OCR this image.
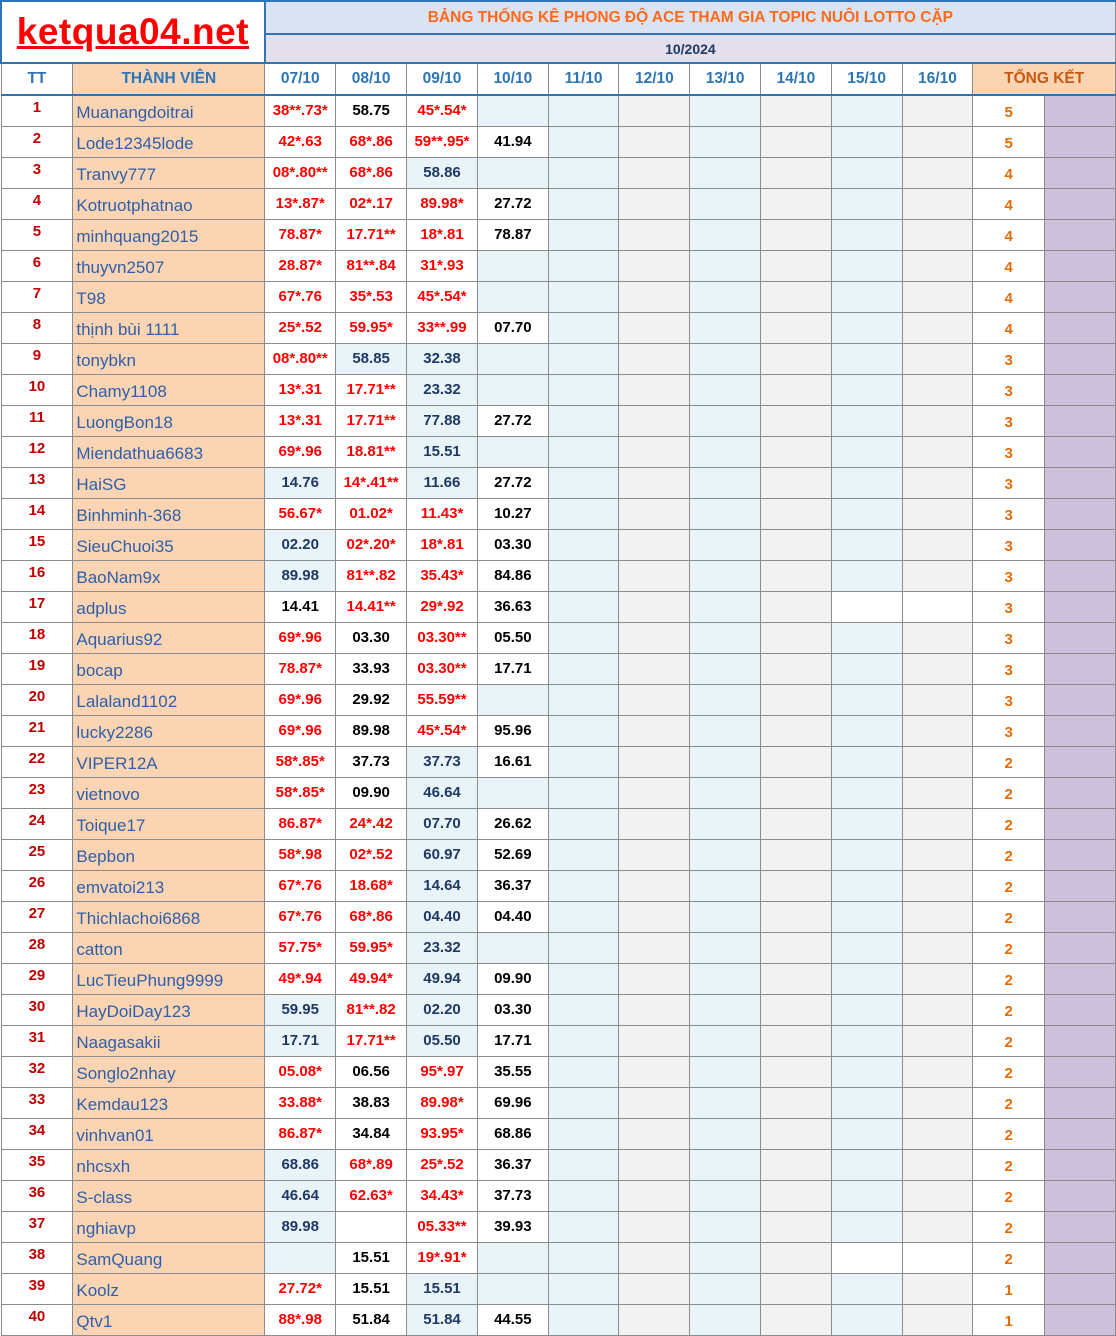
ketqua04.net		BẢNG THỐNG KÊ PHONG ĐỘ ACE THAM GIA TOPIC NUÔI LOTTO CẶP											
		10/2024											
TT	THÀNH VIÊN	07/10	08/10	09/10	10/10	11/10	12/10	13/10	14/10	15/10	16/10	TỔNG KẾT	
1	Muanangdoitrai	38**.73*	58.75	45*.54*								5	
2	Lode12345lode	42*.63	68*.86	59**.95*	41.94							5	
3	Tranvy777	08*.80**	68*.86	58.86								4	
4	Kotruotphatnao	13*.87*	02*.17	89.98*	27.72							4	
5	minhquang2015	78.87*	17.71**	18*.81	78.87							4	
6	thuyvn2507	28.87*	81**.84	31*.93								4	
7	T98	67*.76	35*.53	45*.54*								4	
8	thịnh bùi 1111	25*.52	59.95*	33**.99	07.70							4	
9	tonybkn	08*.80**	58.85	32.38								3	
10	Chamy1108	13*.31	17.71**	23.32								3	
11	LuongBon18	13*.31	17.71**	77.88	27.72							3	
12	Miendathua6683	69*.96	18.81**	15.51								3	
13	HaiSG	14.76	14*.41**	11.66	27.72							3	
14	Binhminh-368	56.67*	01.02*	11.43*	10.27							3	
15	SieuChuoi35	02.20	02*.20*	18*.81	03.30							3	
16	BaoNam9x	89.98	81**.82	35.43*	84.86							3	
17	adplus	14.41	14.41**	29*.92	36.63							3	
18	Aquarius92	69*.96	03.30	03.30**	05.50							3	
19	bocap	78.87*	33.93	03.30**	17.71							3	
20	Lalaland1102	69*.96	29.92	55.59**								3	
21	lucky2286	69*.96	89.98	45*.54*	95.96							3	
22	VIPER12A	58*.85*	37.73	37.73	16.61							2	
23	vietnovo	58*.85*	09.90	46.64								2	
24	Toique17	86.87*	24*.42	07.70	26.62							2	
25	Bepbon	58*.98	02*.52	60.97	52.69							2	
26	emvatoi213	67*.76	18.68*	14.64	36.37							2	
27	Thichlachoi6868	67*.76	68*.86	04.40	04.40							2	
28	catton	57.75*	59.95*	23.32								2	
29	LucTieuPhung9999	49*.94	49.94*	49.94	09.90							2	
30	HayDoiDay123	59.95	81**.82	02.20	03.30							2	
31	Naagasakii	17.71	17.71**	05.50	17.71							2	
32	Songlo2nhay	05.08*	06.56	95*.97	35.55							2	
33	Kemdau123	33.88*	38.83	89.98*	69.96							2	
34	vinhvan01	86.87*	34.84	93.95*	68.86							2	
35	nhcsxh	68.86	68*.89	25*.52	36.37							2	
36	S-class	46.64	62.63*	34.43*	37.73							2	
37	nghiavp	89.98		05.33**	39.93							2	
38	SamQuang		15.51	19*.91*								2	
39	Koolz	27.72*	15.51	15.51								1	
40	Qtv1	88*.98	51.84	51.84	44.55							1	
